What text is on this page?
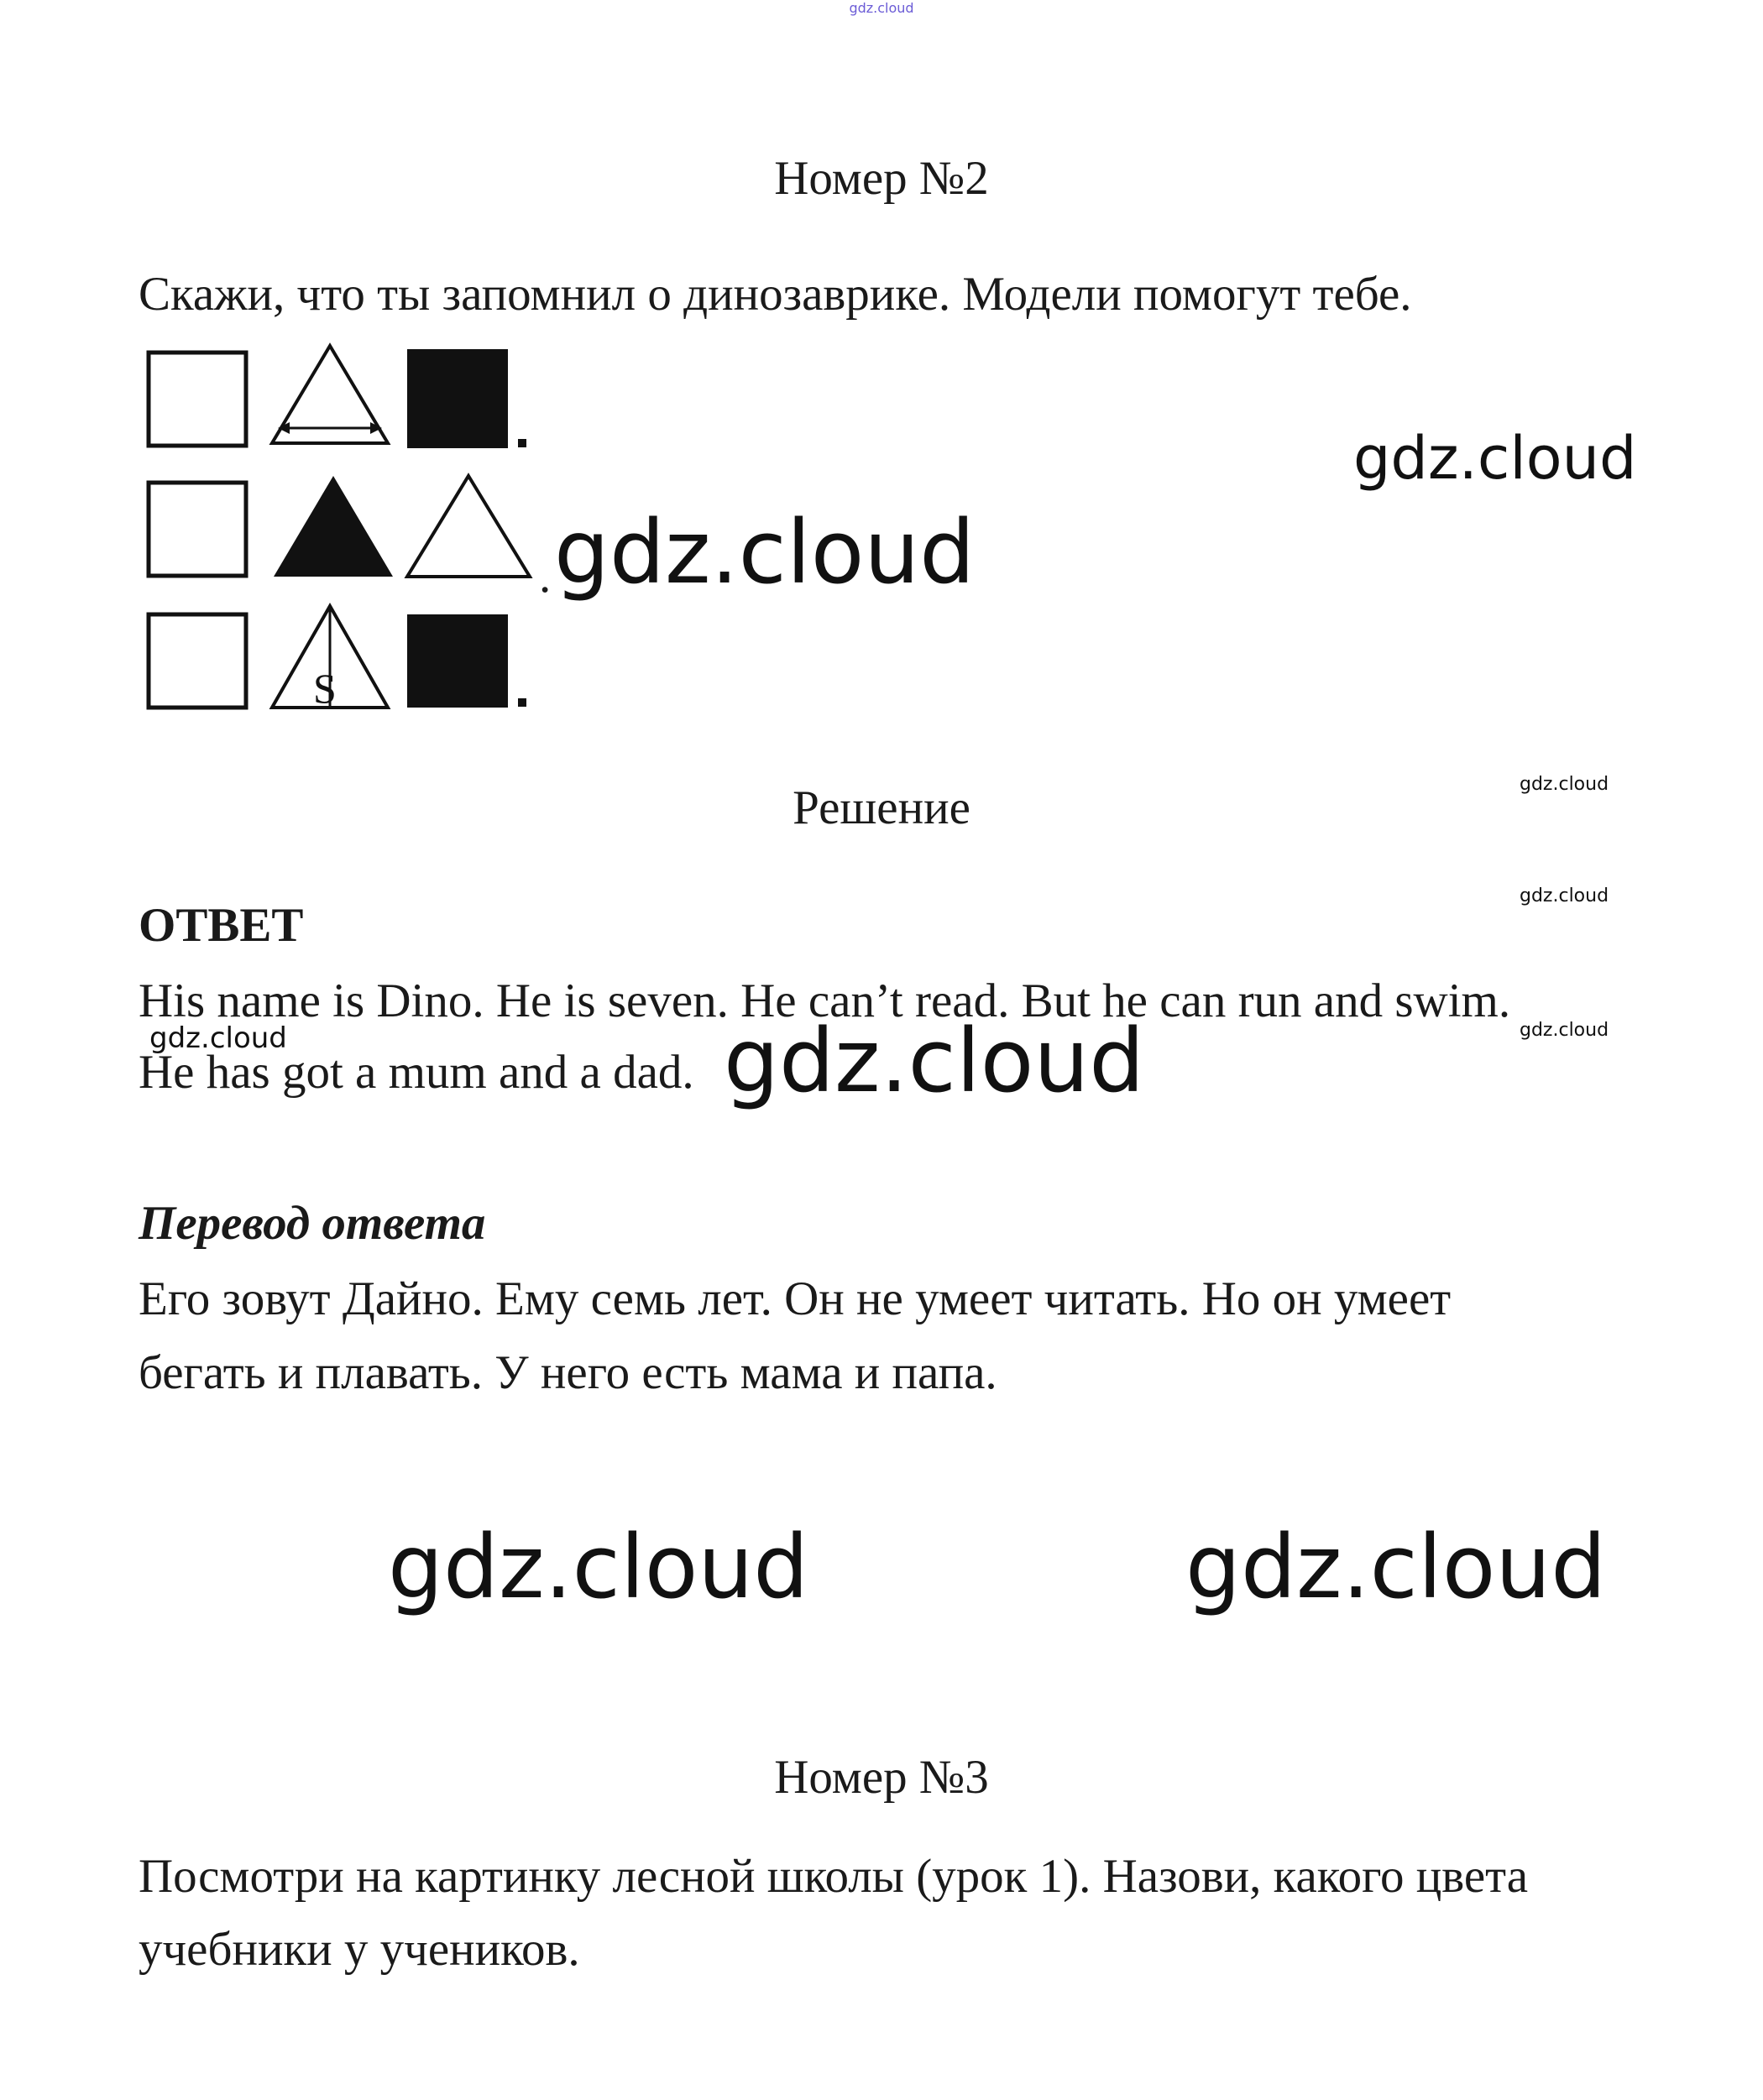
gdz.cloud
Номер №2
Скажи, что ты запомнил о динозаврике. Модели помогут тебе.
S
.
Решение
ОТВЕТ
His name is Dino. He is seven. He can’t read. But he can run and swim.
He has got a mum and a dad.
Перевод ответа
Его зовут Дайно. Ему семь лет. Он не умеет читать. Но он умеет
бегать и плавать. У него есть мама и папа.
Номер №3
Посмотри на картинку лесной школы (урок 1). Назови, какого цвета
учебники у учеников.
gdz.cloud
gdz.cloud
gdz.cloud
gdz.cloud
gdz.cloud
gdz.cloud	gdz.cloud
gdz.cloud	gdz.cloud
